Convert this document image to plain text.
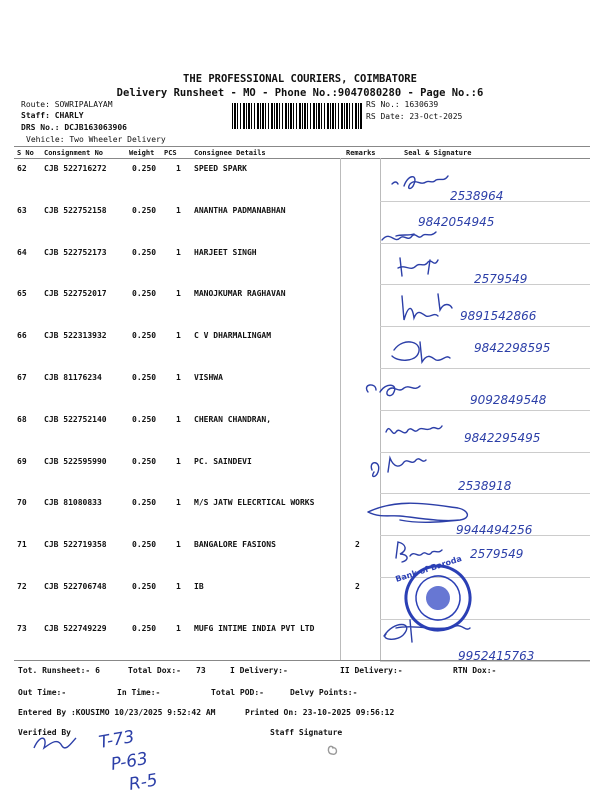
THE PROFESSIONAL COURIERS, COIMBATORE
Delivery Runsheet - MO - Phone No.:9047080280 - Page No.:6
Route: SOWRIPALAYAM
Staff: CHARLY
DRS No.: DCJB163063906
Vehicle: Two Wheeler Delivery
RS No.: 1630639
RS Date: 23-Oct-2025
S No Consignment No	Weight PCS Consignee Details	Remarks	Seal & Signature
62 CJB 522716272	0.250 1 SPEED SPARK
63 CJB 522752158	0.250 1 ANANTHA PADMANABHAN
64 CJB 522752173	0.250 1 HARJEET SINGH
65 CJB 522752017	0.250 1 MANOJKUMAR RAGHAVAN
66 CJB 522313932	0.250 1 C V DHARMALINGAM
67 CJB 81176234	0.250 1 VISHWA
68 CJB 522752140	0.250 1 CHERAN CHANDRAN,
69 CJB 522595990	0.250 1 PC. SAINDEVI
70 CJB 81080833	0.250 1 M/S JATW ELECRTICAL WORKS
71 CJB 522719358	0.250 1 BANGALORE FASIONS	2
72 CJB 522706748	0.250 1 IB	2
73 CJB 522749229	0.250 1 MUFG INTIME INDIA PVT LTD
Tot. Runsheet:- 6	Total Dox:- 73	I Delivery:-	II Delivery:-	RTN Dox:-
Out Time:-	In Time:-	Total POD:-	Delvy Points:-
Entered By :KOUSIMO 10/23/2025 9:52:42 AM	Printed On: 23-10-2025 09:56:12
Verified By	Staff Signature
2538964
9842054945
2579549
9891542866
9842298595
9092849548
9842295495
2538918
9944494256
2579549
9952415763
Bank of Baroda
T-73
P-63
R-5
